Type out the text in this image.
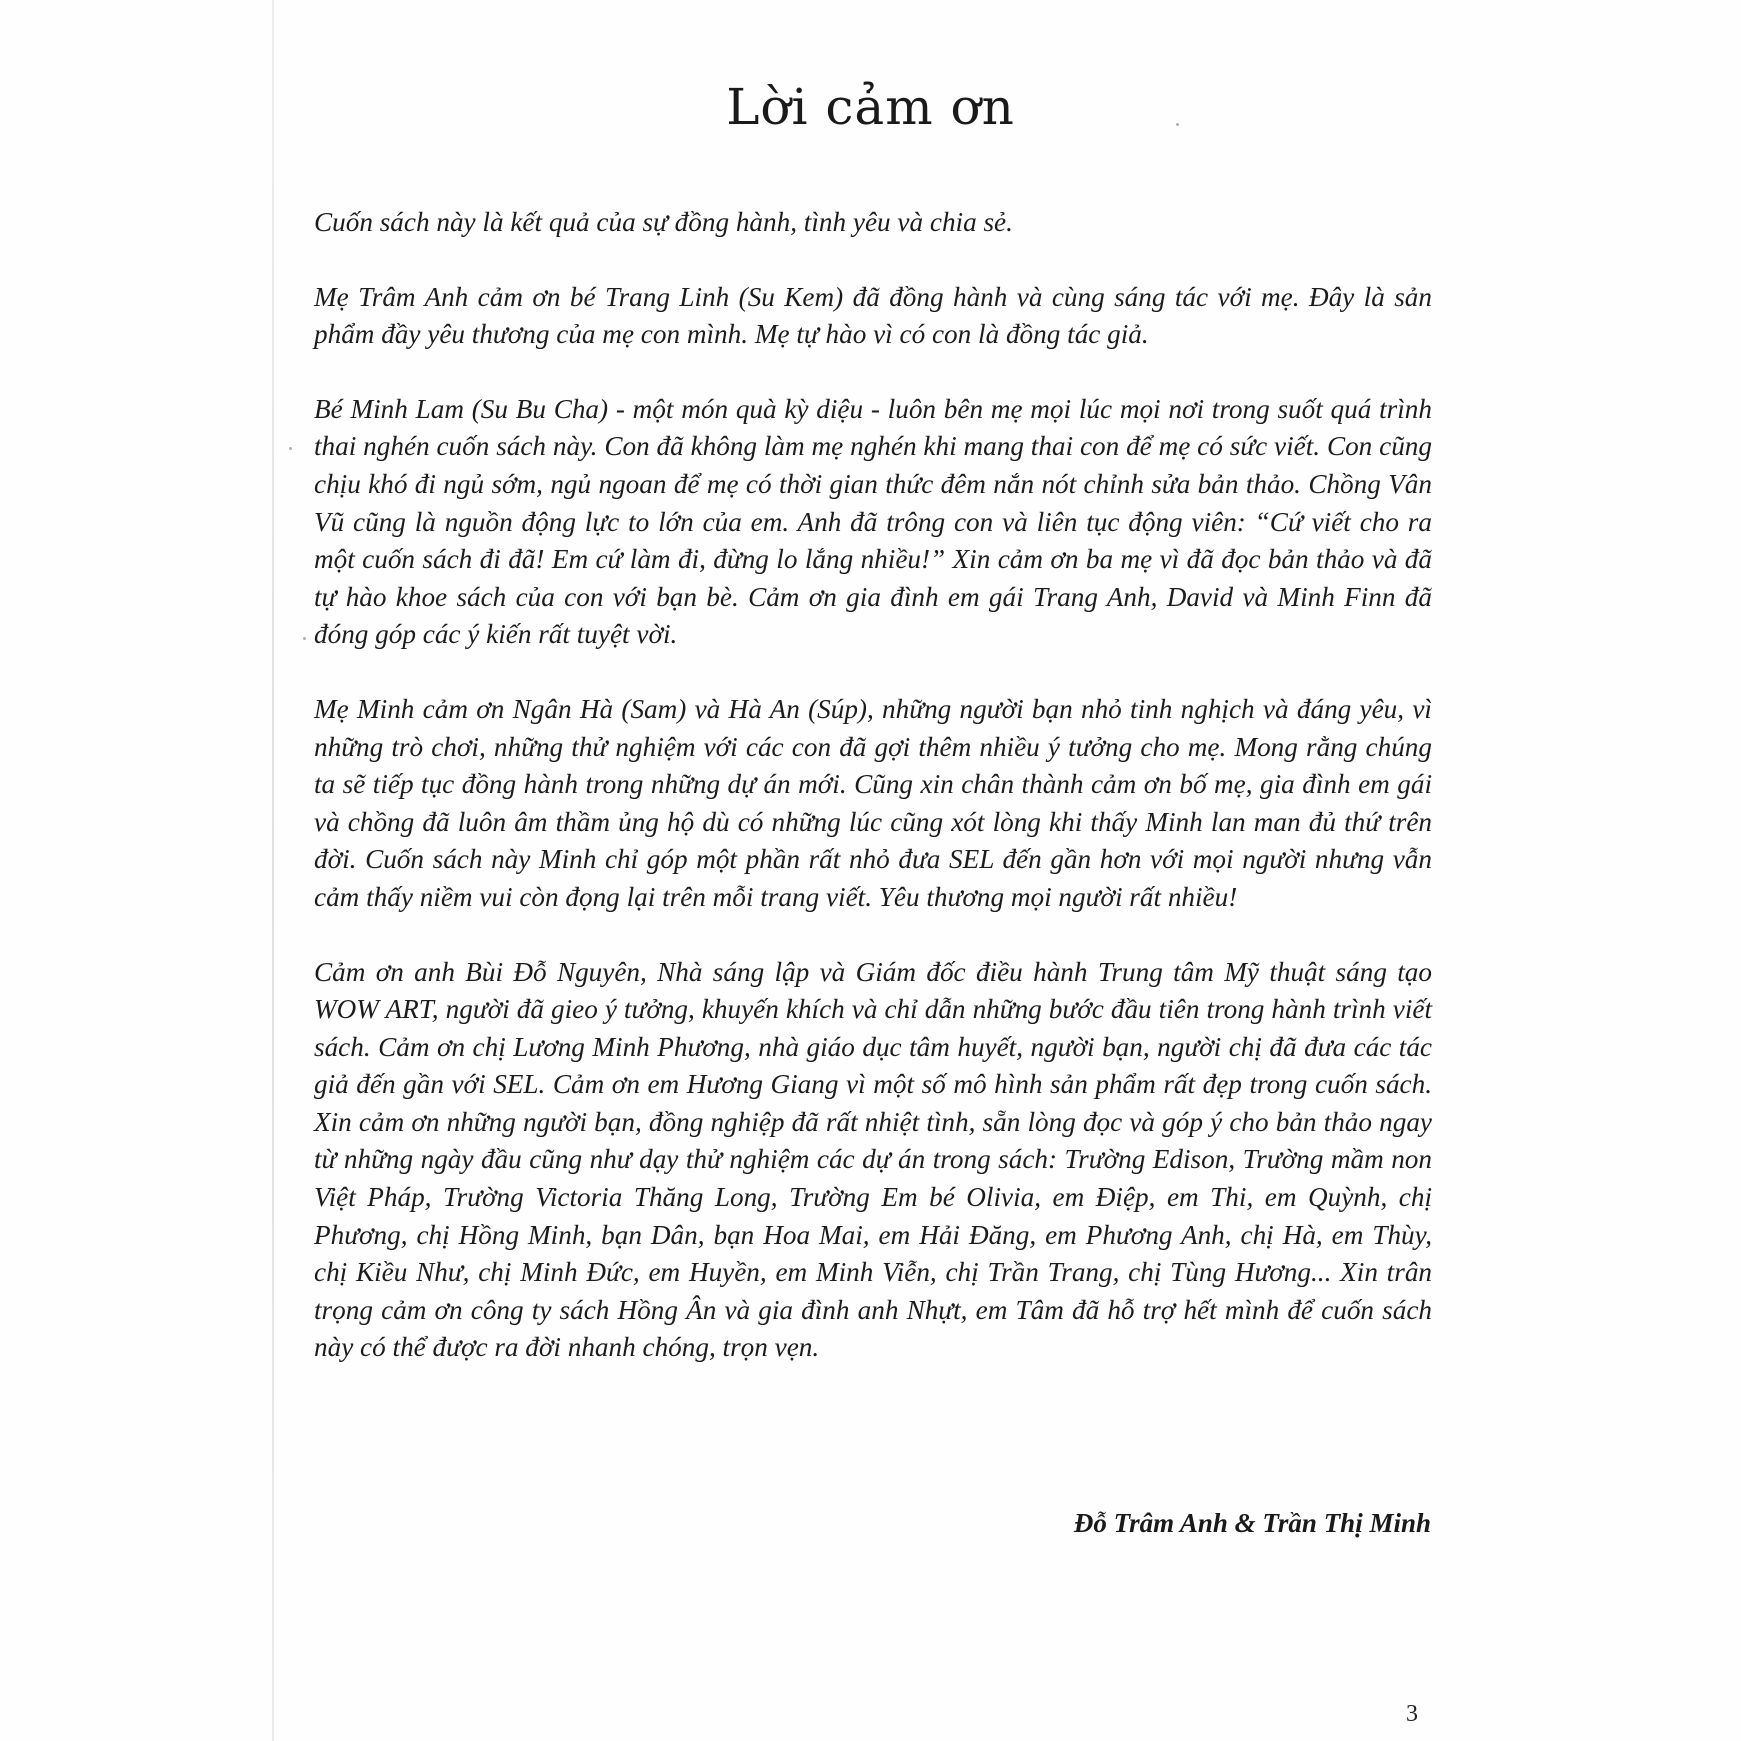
Lời cảm ơn

Cuốn sách này là kết quả của sự đồng hành, tình yêu và chia sẻ.

Mẹ Trâm Anh cảm ơn bé Trang Linh (Su Kem) đã đồng hành và cùng sáng tác với mẹ. Đây là sản phẩm đầy yêu thương của mẹ con mình. Mẹ tự hào vì có con là đồng tác giả.

Bé Minh Lam (Su Bu Cha) - một món quà kỳ diệu - luôn bên mẹ mọi lúc mọi nơi trong suốt quá trình thai nghén cuốn sách này. Con đã không làm mẹ nghén khi mang thai con để mẹ có sức viết. Con cũng chịu khó đi ngủ sớm, ngủ ngoan để mẹ có thời gian thức đêm nắn nót chỉnh sửa bản thảo. Chồng Vân Vũ cũng là nguồn động lực to lớn của em. Anh đã trông con và liên tục động viên: “Cứ viết cho ra một cuốn sách đi đã! Em cứ làm đi, đừng lo lắng nhiều!” Xin cảm ơn ba mẹ vì đã đọc bản thảo và đã tự hào khoe sách của con với bạn bè. Cảm ơn gia đình em gái Trang Anh, David và Minh Finn đã đóng góp các ý kiến rất tuyệt vời.

Mẹ Minh cảm ơn Ngân Hà (Sam) và Hà An (Súp), những người bạn nhỏ tinh nghịch và đáng yêu, vì những trò chơi, những thử nghiệm với các con đã gợi thêm nhiều ý tưởng cho mẹ. Mong rằng chúng ta sẽ tiếp tục đồng hành trong những dự án mới. Cũng xin chân thành cảm ơn bố mẹ, gia đình em gái và chồng đã luôn âm thầm ủng hộ dù có những lúc cũng xót lòng khi thấy Minh lan man đủ thứ trên đời. Cuốn sách này Minh chỉ góp một phần rất nhỏ đưa SEL đến gần hơn với mọi người nhưng vẫn cảm thấy niềm vui còn đọng lại trên mỗi trang viết. Yêu thương mọi người rất nhiều!

Cảm ơn anh Bùi Đỗ Nguyên, Nhà sáng lập và Giám đốc điều hành Trung tâm Mỹ thuật sáng tạo WOW ART, người đã gieo ý tưởng, khuyến khích và chỉ dẫn những bước đầu tiên trong hành trình viết sách. Cảm ơn chị Lương Minh Phương, nhà giáo dục tâm huyết, người bạn, người chị đã đưa các tác giả đến gần với SEL. Cảm ơn em Hương Giang vì một số mô hình sản phẩm rất đẹp trong cuốn sách. Xin cảm ơn những người bạn, đồng nghiệp đã rất nhiệt tình, sẵn lòng đọc và góp ý cho bản thảo ngay từ những ngày đầu cũng như dạy thử nghiệm các dự án trong sách: Trường Edison, Trường mầm non Việt Pháp, Trường Victoria Thăng Long, Trường Em bé Olivia, em Điệp, em Thi, em Quỳnh, chị Phương, chị Hồng Minh, bạn Dân, bạn Hoa Mai, em Hải Đăng, em Phương Anh, chị Hà, em Thùy, chị Kiều Như, chị Minh Đức, em Huyền, em Minh Viễn, chị Trần Trang, chị Tùng Hương... Xin trân trọng cảm ơn công ty sách Hồng Ân và gia đình anh Nhựt, em Tâm đã hỗ trợ hết mình để cuốn sách này có thể được ra đời nhanh chóng, trọn vẹn.

Đỗ Trâm Anh & Trần Thị Minh
3
